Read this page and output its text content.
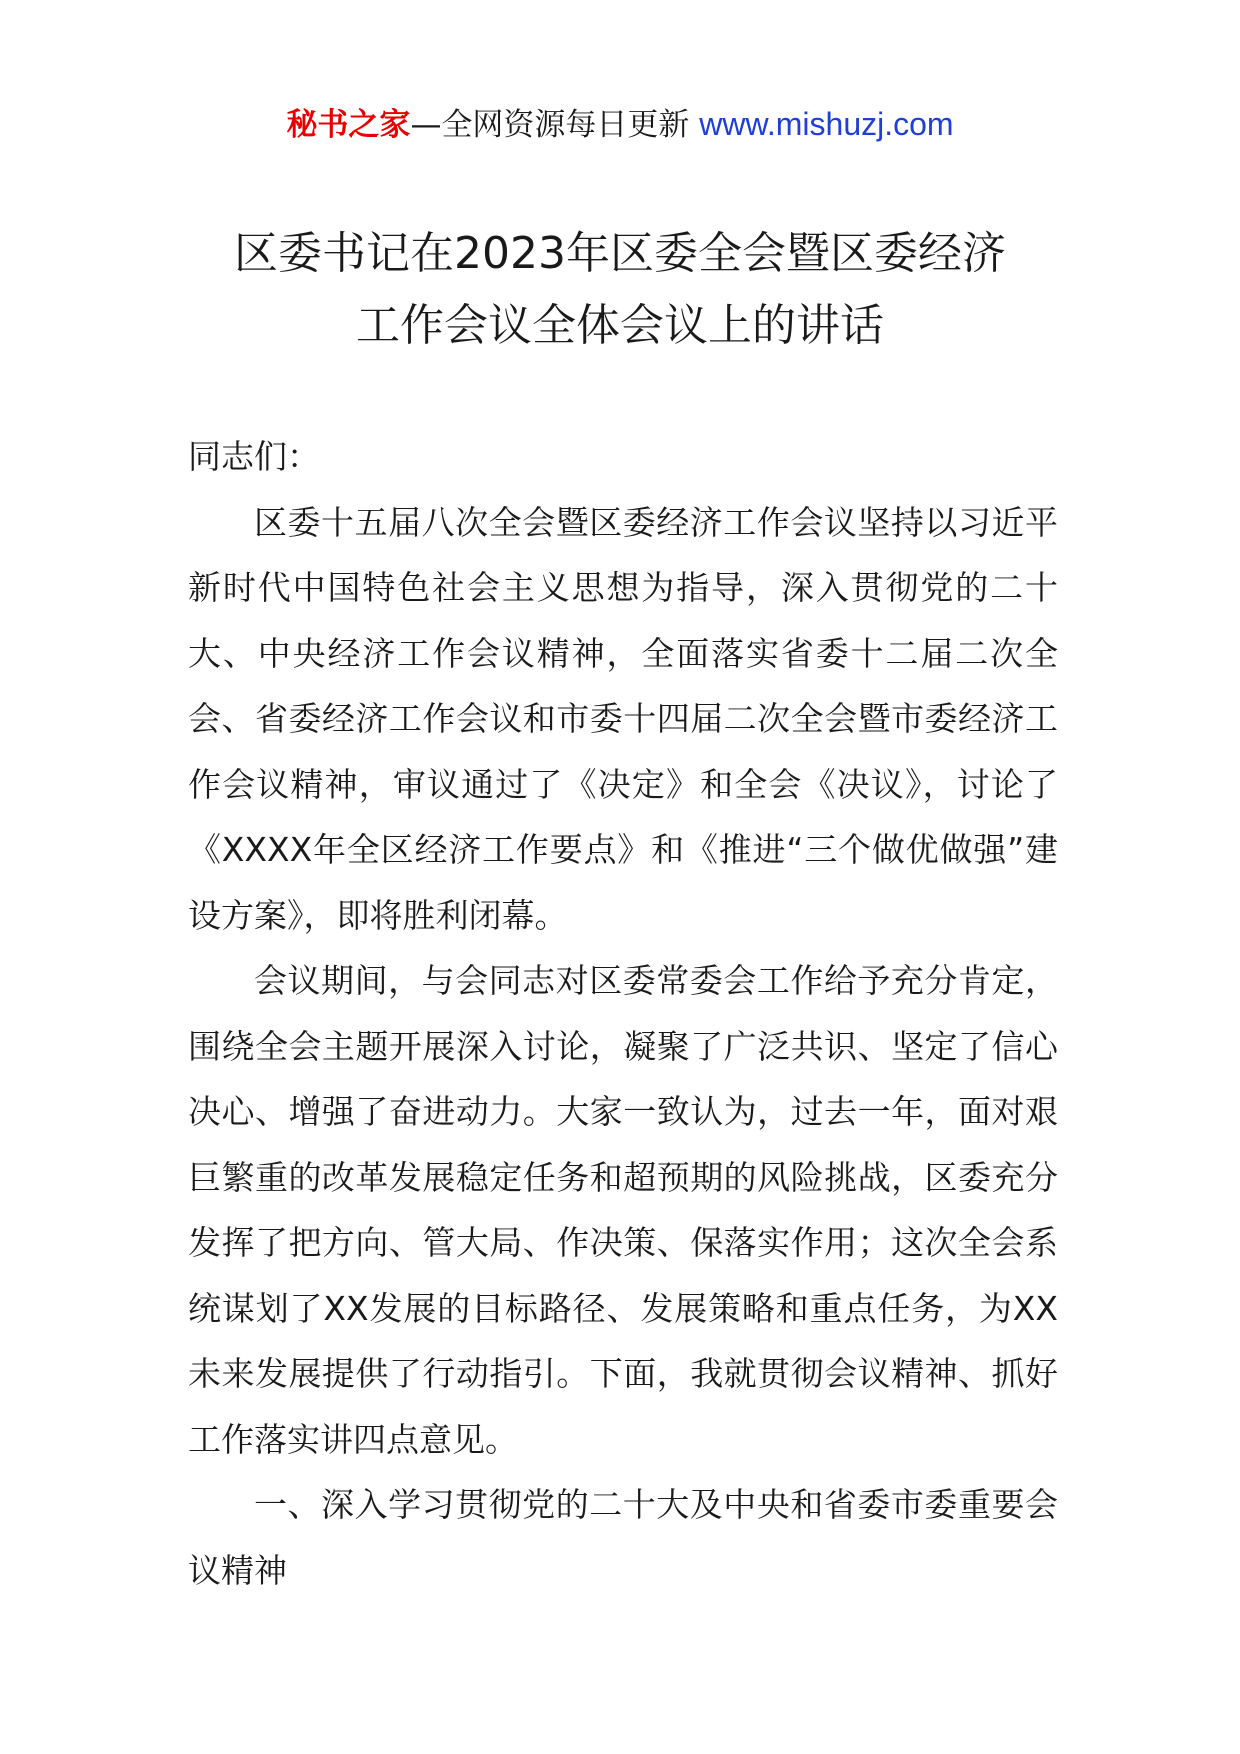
秘书之家—全网资源每日更新 www.mishuzj.com
区委书记在2023年区委全会暨区委经济
工作会议全体会议上的讲话

同志们：

区委十五届八次全会暨区委经济工作会议坚持以习近平新时代中国特色社会主义思想为指导，深入贯彻党的二十大、中央经济工作会议精神，全面落实省委十二届二次全会、省委经济工作会议和市委十四届二次全会暨市委经济工作会议精神，审议通过了《决定》和全会《决议》，讨论了《XXXX年全区经济工作要点》和《推进“三个做优做强”建设方案》，即将胜利闭幕。

会议期间，与会同志对区委常委会工作给予充分肯定，围绕全会主题开展深入讨论，凝聚了广泛共识、坚定了信心决心、增强了奋进动力。大家一致认为，过去一年，面对艰巨繁重的改革发展稳定任务和超预期的风险挑战，区委充分发挥了把方向、管大局、作决策、保落实作用；这次全会系统谋划了XX发展的目标路径、发展策略和重点任务，为XX未来发展提供了行动指引。下面，我就贯彻会议精神、抓好工作落实讲四点意见。

一、深入学习贯彻党的二十大及中央和省委市委重要会议精神
